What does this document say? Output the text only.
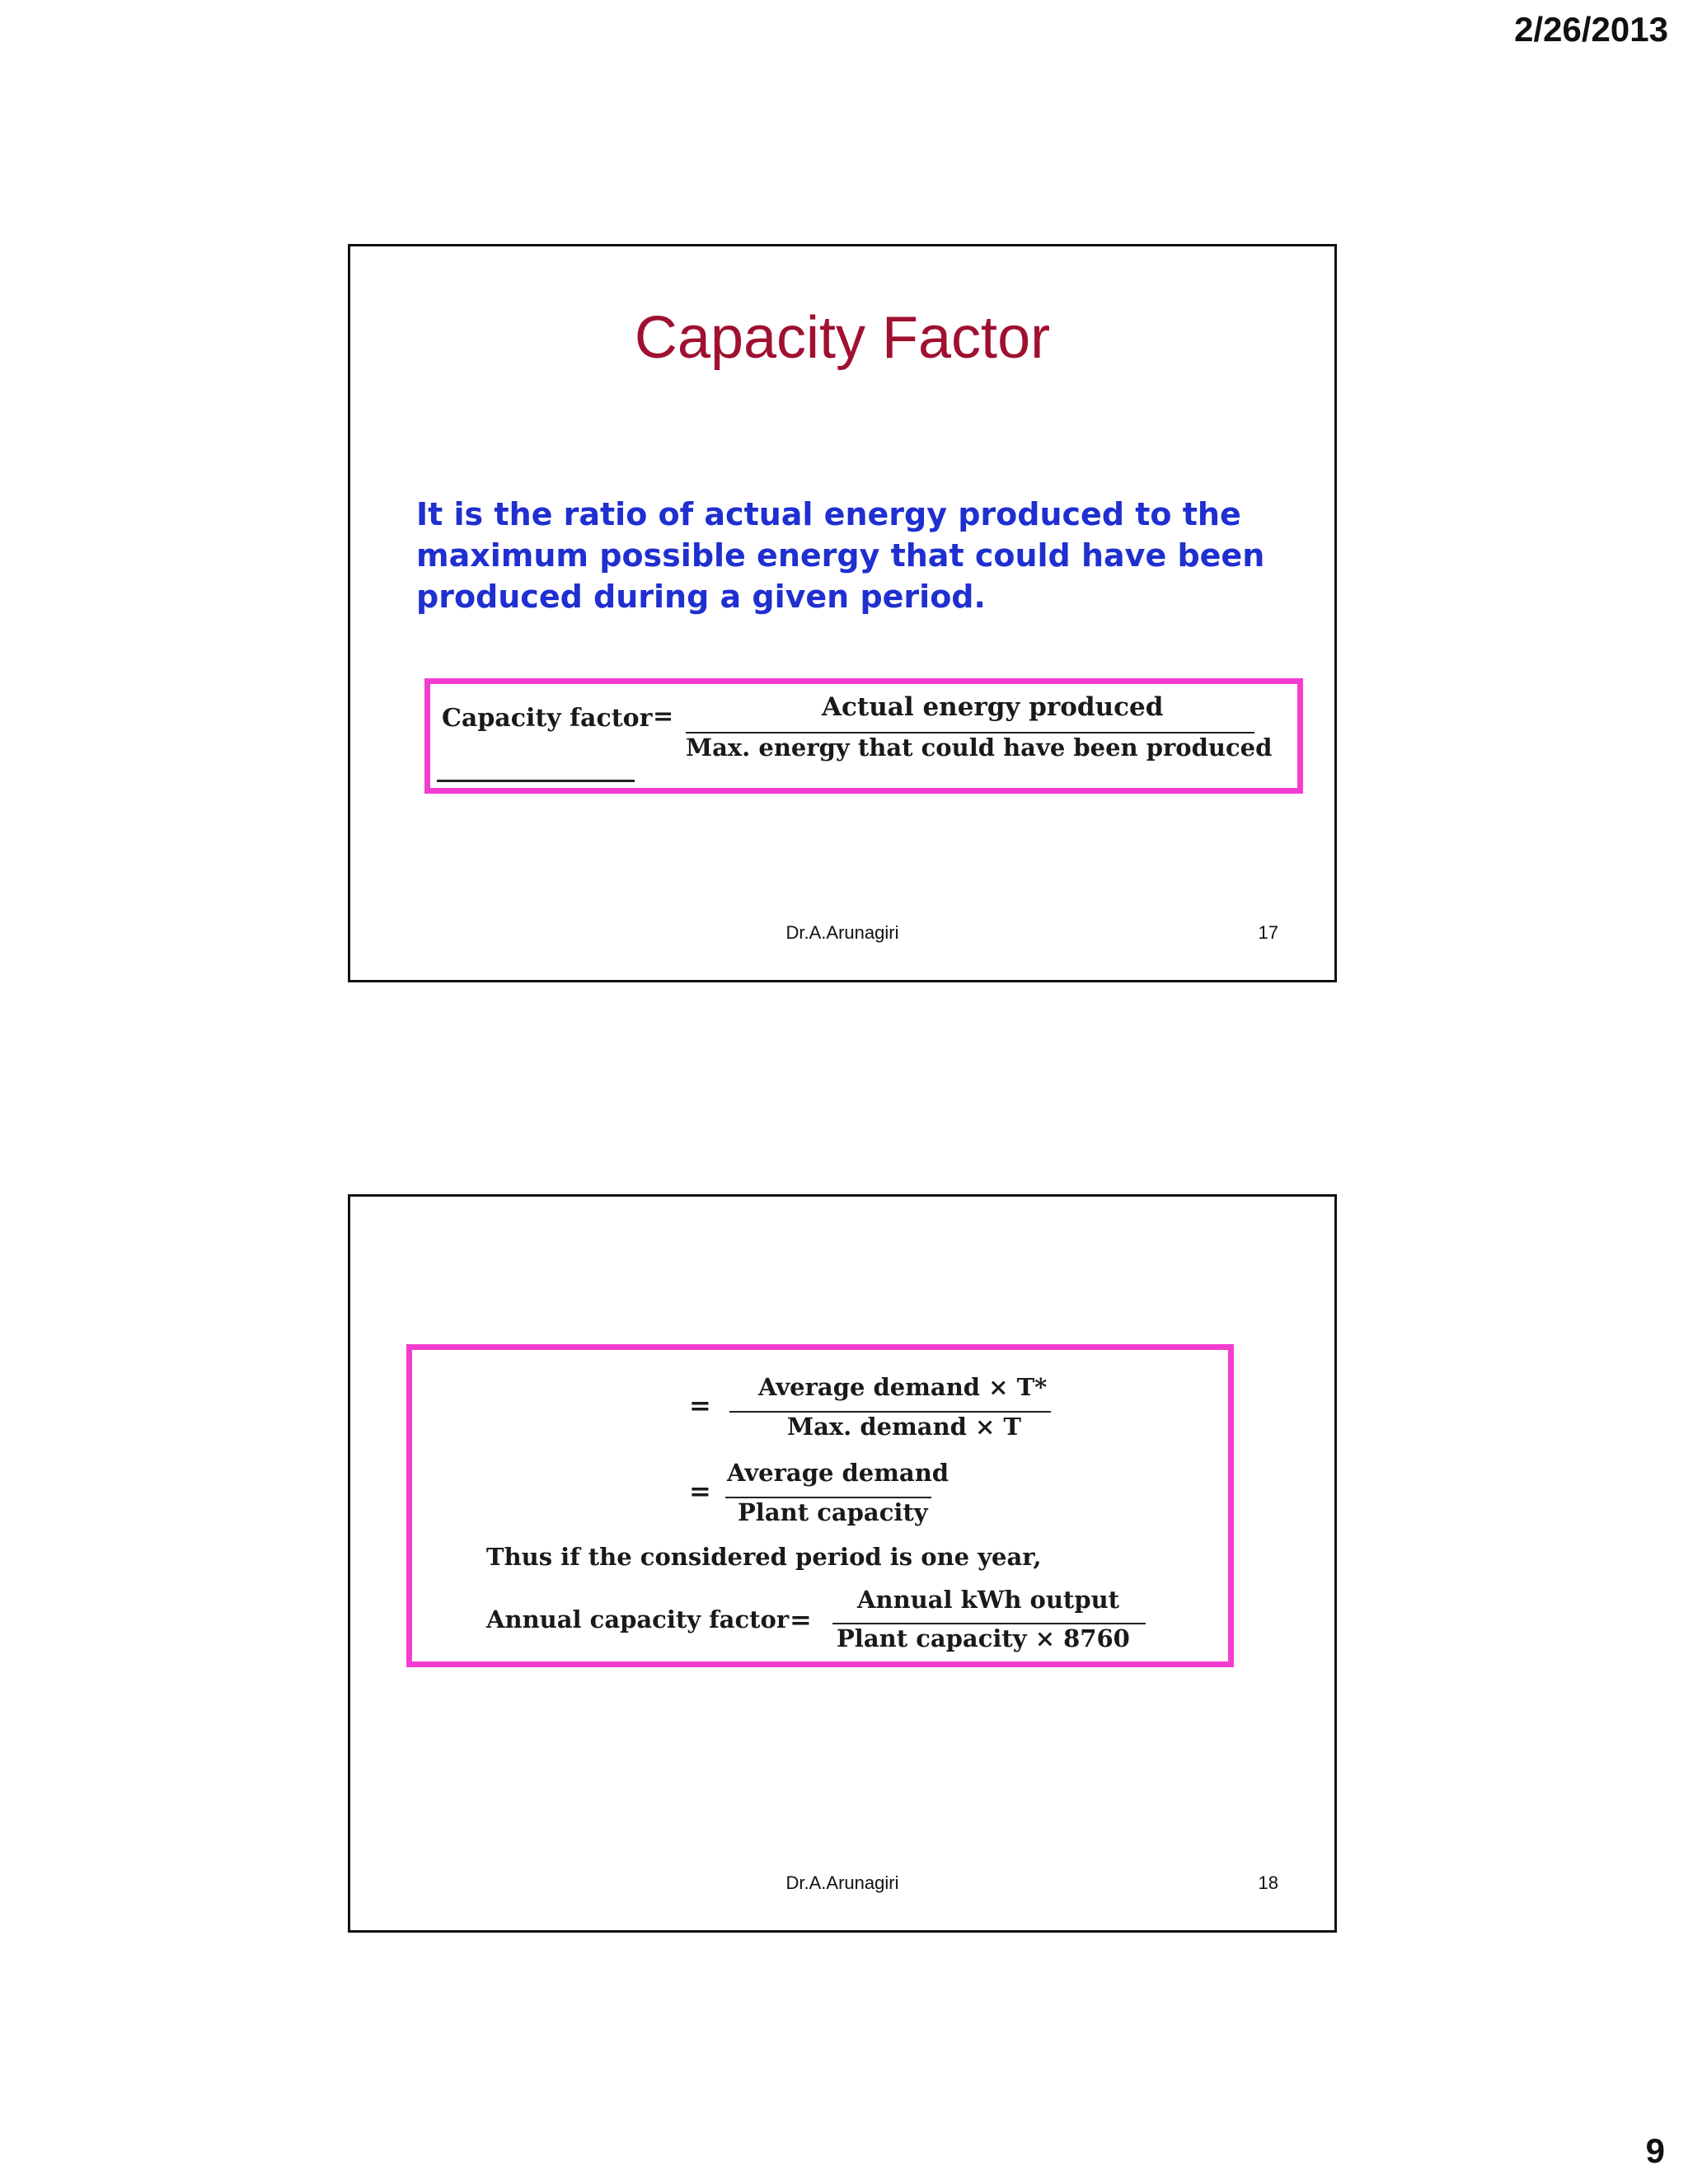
2/26/2013
Capacity Factor
It is the ratio of actual energy produced to the maximum possible energy that could have been produced during a given period.
Capacity factor =	Actual energy produced
Max. energy that could have been produced
Dr.A.Arunagiri	17
=
Average demand × T*
Max. demand × T
=
Average demand
Plant capacity
Thus if the considered period is one year,
Annual capacity factor =
Annual kWh output
Plant capacity × 8760
Dr.A.Arunagiri	18
9
